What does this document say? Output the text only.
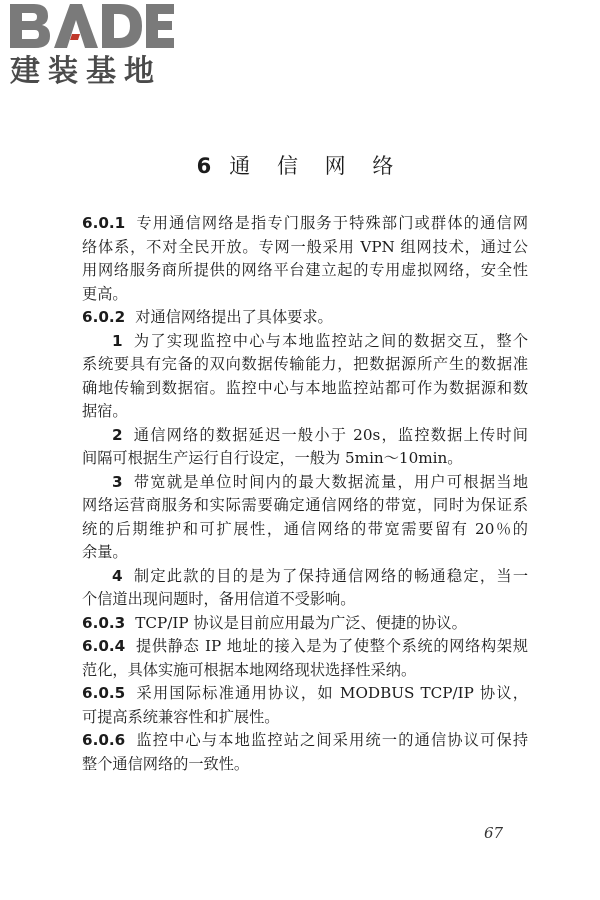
建装基地
6 通 信 网 络
6.0.1 专用通信网络是指专门服务于特殊部门或群体的通信网
络体系，不对全民开放。专网一般采用 VPN 组网技术，通过公
用网络服务商所提供的网络平台建立起的专用虚拟网络，安全性
更高。
6.0.2 对通信网络提出了具体要求。
1 为了实现监控中心与本地监控站之间的数据交互，整个
系统要具有完备的双向数据传输能力，把数据源所产生的数据准
确地传输到数据宿。监控中心与本地监控站都可作为数据源和数
据宿。
2 通信网络的数据延迟一般小于 20s，监控数据上传时间
间隔可根据生产运行自行设定，一般为 5min～10min。
3 带宽就是单位时间内的最大数据流量，用户可根据当地
网络运营商服务和实际需要确定通信网络的带宽，同时为保证系
统的后期维护和可扩展性，通信网络的带宽需要留有 20％的
余量。
4 制定此款的目的是为了保持通信网络的畅通稳定，当一
个信道出现问题时，备用信道不受影响。
6.0.3 TCP/IP 协议是目前应用最为广泛、便捷的协议。
6.0.4 提供静态 IP 地址的接入是为了使整个系统的网络构架规
范化，具体实施可根据本地网络现状选择性采纳。
6.0.5 采用国际标准通用协议，如 MODBUS TCP/IP 协议，
可提高系统兼容性和扩展性。
6.0.6 监控中心与本地监控站之间采用统一的通信协议可保持
整个通信网络的一致性。
67
